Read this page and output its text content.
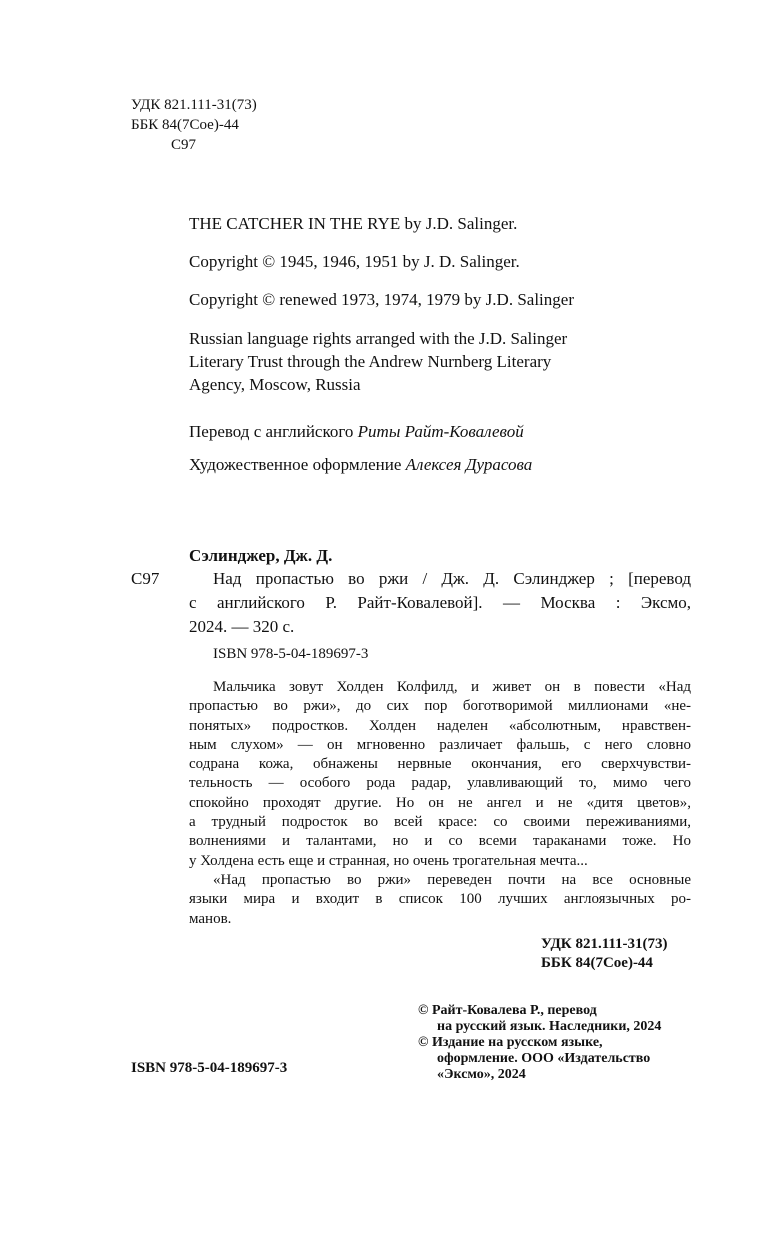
УДК 821.111-31(73)
ББК 84(7Сое)-44
С97
THE CATCHER IN THE RYE by J.D. Salinger.
Copyright © 1945, 1946, 1951 by J. D. Salinger.
Copyright © renewed 1973, 1974, 1979 by J.D. Salinger
Russian language rights arranged with the J.D. Salinger
Literary Trust through the Andrew Nurnberg Literary
Agency, Moscow, Russia
Перевод с английского Риты Райт-Ковалевой
Художественное оформление Алексея Дурасова
Сэлинджер, Дж. Д.
С97	Над пропастью во ржи / Дж. Д. Сэлинджер ; [перевод
с английского Р. Райт-Ковалевой]. — Москва : Эксмо,
2024. — 320 с.
ISBN 978-5-04-189697-3
Мальчика зовут Холден Колфилд, и живет он в повести «Над
пропастью во ржи», до сих пор боготворимой миллионами «не-
понятых» подростков. Холден наделен «абсолютным, нравствен-
ным слухом» — он мгновенно различает фальшь, с него словно
содрана кожа, обнажены нервные окончания, его сверхчувстви-
тельность — особого рода радар, улавливающий то, мимо чего
спокойно проходят другие. Но он не ангел и не «дитя цветов»,
а трудный подросток во всей красе: со своими переживаниями,
волнениями и талантами, но и со всеми тараканами тоже. Но
у Холдена есть еще и странная, но очень трогательная мечта...
«Над пропастью во ржи» переведен почти на все основные
языки мира и входит в список 100 лучших англоязычных ро-
манов.
УДК 821.111-31(73)
ББК 84(7Сое)-44
© Райт-Ковалева Р., перевод
на русский язык. Наследники, 2024
© Издание на русском языке,
оформление. ООО «Издательство
«Эксмо», 2024
ISBN 978-5-04-189697-3
